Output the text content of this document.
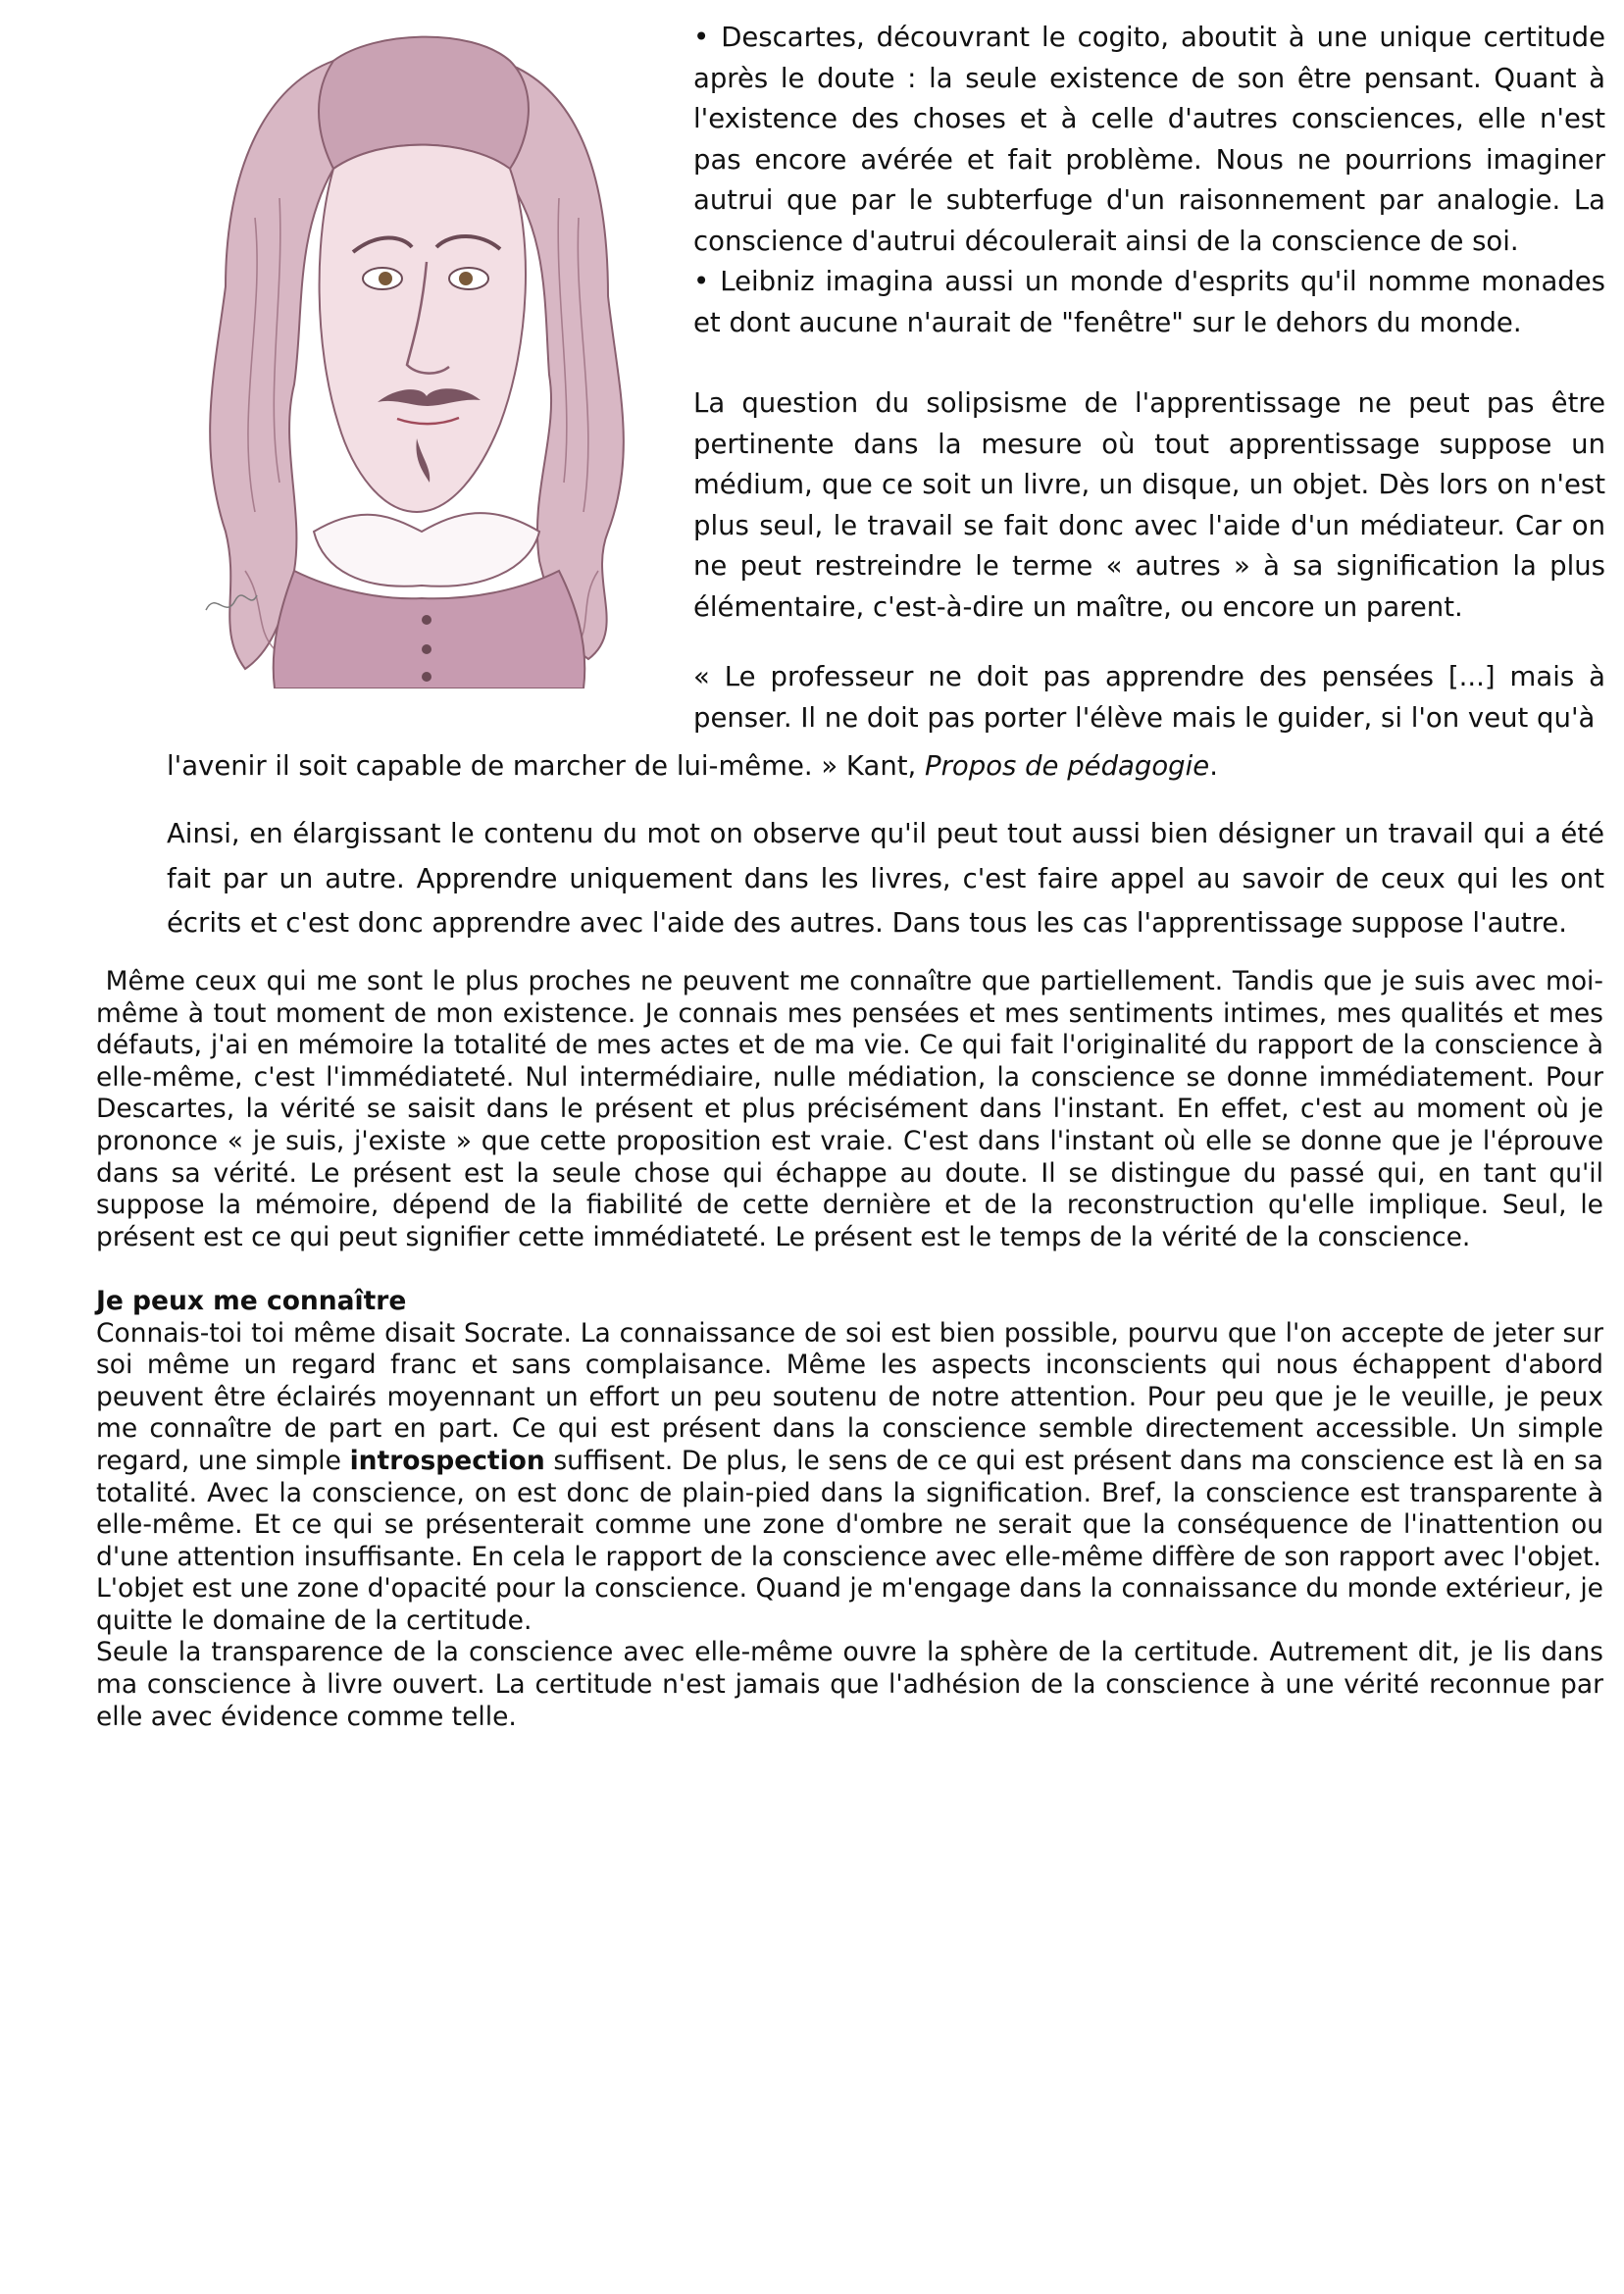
• Descartes, découvrant le cogito, aboutit à une unique certitude après le doute : la seule existence de son être pensant. Quant à l'existence des choses et à celle d'autres consciences, elle n'est pas encore avérée et fait problème. Nous ne pourrions imaginer autrui que par le subterfuge d'un raisonnement par analogie. La conscience d'autrui découlerait ainsi de la conscience de soi.

• Leibniz imagina aussi un monde d'esprits qu'il nomme monades et dont aucune n'aurait de "fenêtre" sur le dehors du monde.

La question du solipsisme de l'apprentissage ne peut pas être pertinente dans la mesure où tout apprentissage suppose un médium, que ce soit un livre, un disque, un objet. Dès lors on n'est plus seul, le travail se fait donc avec l'aide d'un médiateur. Car on ne peut restreindre le terme « autres » à sa signification la plus élémentaire, c'est-à-dire un maître, ou encore un parent.

« Le professeur ne doit pas apprendre des pensées [...] mais à penser. Il ne doit pas porter l'élève mais le guider, si l'on veut qu'à

l'avenir il soit capable de marcher de lui-même. » Kant, Propos de pédagogie.

Ainsi, en élargissant le contenu du mot on observe qu'il peut tout aussi bien désigner un travail qui a été fait par un autre. Apprendre uniquement dans les livres, c'est faire appel au savoir de ceux qui les ont écrits et c'est donc apprendre avec l'aide des autres. Dans tous les cas l'apprentissage suppose l'autre.

Même ceux qui me sont le plus proches ne peuvent me connaître que partiellement. Tandis que je suis avec moi-même à tout moment de mon existence. Je connais mes pensées et mes sentiments intimes, mes qualités et mes défauts, j'ai en mémoire la totalité de mes actes et de ma vie. Ce qui fait l'originalité du rapport de la conscience à elle-même, c'est l'immédiateté. Nul intermédiaire, nulle médiation, la conscience se donne immédiatement. Pour Descartes, la vérité se saisit dans le présent et plus précisément dans l'instant. En effet, c'est au moment où je prononce « je suis, j'existe » que cette proposition est vraie. C'est dans l'instant où elle se donne que je l'éprouve dans sa vérité. Le présent est la seule chose qui échappe au doute. Il se distingue du passé qui, en tant qu'il suppose la mémoire, dépend de la fiabilité de cette dernière et de la reconstruction qu'elle implique. Seul, le présent est ce qui peut signifier cette immédiateté. Le présent est le temps de la vérité de la conscience.

Je peux me connaître

Connais-toi toi même disait Socrate. La connaissance de soi est bien possible, pourvu que l'on accepte de jeter sur soi même un regard franc et sans complaisance. Même les aspects inconscients qui nous échappent d'abord peuvent être éclairés moyennant un effort un peu soutenu de notre attention. Pour peu que je le veuille, je peux me connaître de part en part. Ce qui est présent dans la conscience semble directement accessible. Un simple regard, une simple introspection suffisent. De plus, le sens de ce qui est présent dans ma conscience est là en sa totalité. Avec la conscience, on est donc de plain-pied dans la signification. Bref, la conscience est transparente à elle-même. Et ce qui se présenterait comme une zone d'ombre ne serait que la conséquence de l'inattention ou d'une attention insuffisante. En cela le rapport de la conscience avec elle-même diffère de son rapport avec l'objet.

L'objet est une zone d'opacité pour la conscience. Quand je m'engage dans la connaissance du monde extérieur, je quitte le domaine de la certitude.

Seule la transparence de la conscience avec elle-même ouvre la sphère de la certitude. Autrement dit, je lis dans ma conscience à livre ouvert. La certitude n'est jamais que l'adhésion de la conscience à une vérité reconnue par elle avec évidence comme telle.
